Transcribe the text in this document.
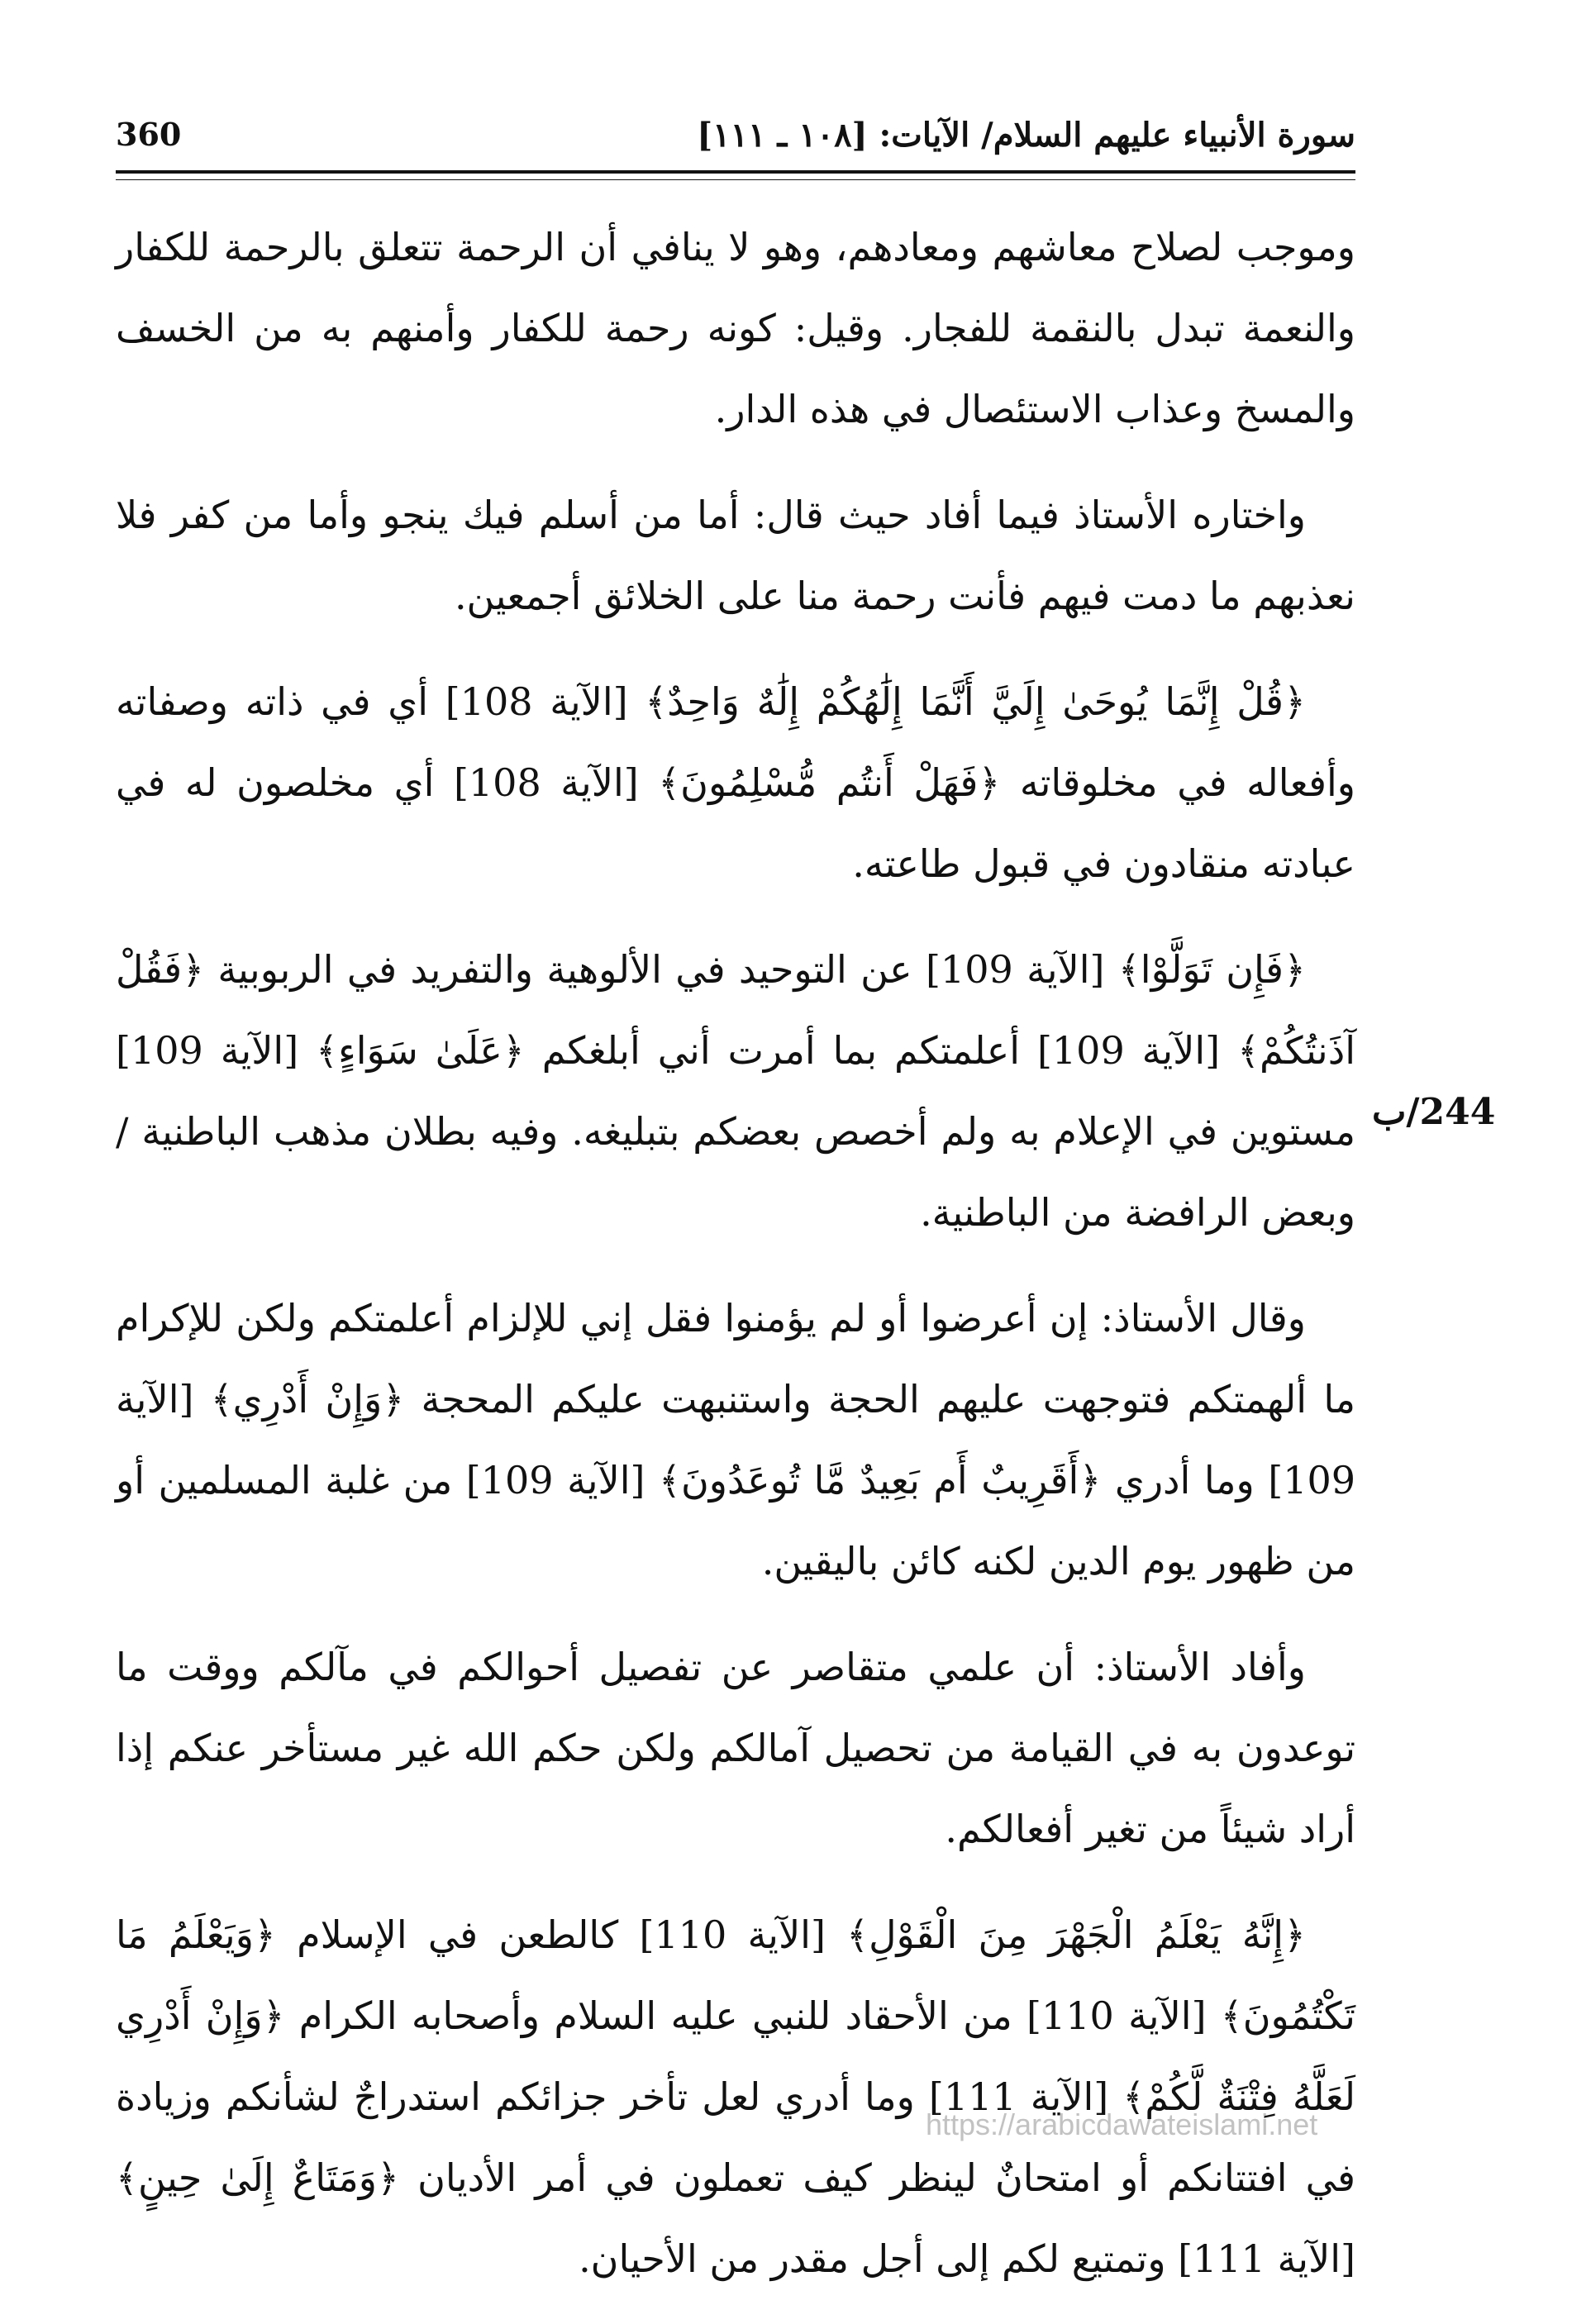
360	سورة الأنبياء عليهم السلام/ الآيات: [١٠٨ ـ ١١١]

وموجب لصلاح معاشهم ومعادهم، وهو لا ينافي أن الرحمة تتعلق بالرحمة للكفار والنعمة تبدل بالنقمة للفجار. وقيل: كونه رحمة للكفار وأمنهم به من الخسف والمسخ وعذاب الاستئصال في هذه الدار.

واختاره الأستاذ فيما أفاد حيث قال: أما من أسلم فيك ينجو وأما من كفر فلا نعذبهم ما دمت فيهم فأنت رحمة منا على الخلائق أجمعين.

﴿قُلْ إِنَّمَا يُوحَىٰ إِلَيَّ أَنَّمَا إِلَٰهُكُمْ إِلَٰهٌ وَاحِدٌ﴾ [الآية 108] أي في ذاته وصفاته وأفعاله في مخلوقاته ﴿فَهَلْ أَنتُم مُّسْلِمُونَ﴾ [الآية 108] أي مخلصون له في عبادته منقادون في قبول طاعته.

﴿فَإِن تَوَلَّوْا﴾ [الآية 109] عن التوحيد في الألوهية والتفريد في الربوبية ﴿فَقُلْ آذَنتُكُمْ﴾ [الآية 109] أعلمتكم بما أمرت أني أبلغكم ﴿عَلَىٰ سَوَاءٍ﴾ [الآية 109] مستوين في الإعلام به ولم أخصص بعضكم بتبليغه. وفيه بطلان مذهب الباطنية / وبعض الرافضة من الباطنية.

وقال الأستاذ: إن أعرضوا أو لم يؤمنوا فقل إني للإلزام أعلمتكم ولكن للإكرام ما ألهمتكم فتوجهت عليهم الحجة واستنبهت عليكم المحجة ﴿وَإِنْ أَدْرِي﴾ [الآية 109] وما أدري ﴿أَقَرِيبٌ أَم بَعِيدٌ مَّا تُوعَدُونَ﴾ [الآية 109] من غلبة المسلمين أو من ظهور يوم الدين لكنه كائن باليقين.

وأفاد الأستاذ: أن علمي متقاصر عن تفصيل أحوالكم في مآلكم ووقت ما توعدون به في القيامة من تحصيل آمالكم ولكن حكم الله غير مستأخر عنكم إذا أراد شيئاً من تغير أفعالكم.

﴿إِنَّهُ يَعْلَمُ الْجَهْرَ مِنَ الْقَوْلِ﴾ [الآية 110] كالطعن في الإسلام ﴿وَيَعْلَمُ مَا تَكْتُمُونَ﴾ [الآية 110] من الأحقاد للنبي عليه السلام وأصحابه الكرام ﴿وَإِنْ أَدْرِي لَعَلَّهُ فِتْنَةٌ لَّكُمْ﴾ [الآية 111] وما أدري لعل تأخر جزائكم استدراجٌ لشأنكم وزيادة في افتتانكم أو امتحانٌ لينظر كيف تعملون في أمر الأديان ﴿وَمَتَاعٌ إِلَىٰ حِينٍ﴾ [الآية 111] وتمتيع لكم إلى أجل مقدر من الأحيان.

244/ب
https://arabicdawateislami.net
